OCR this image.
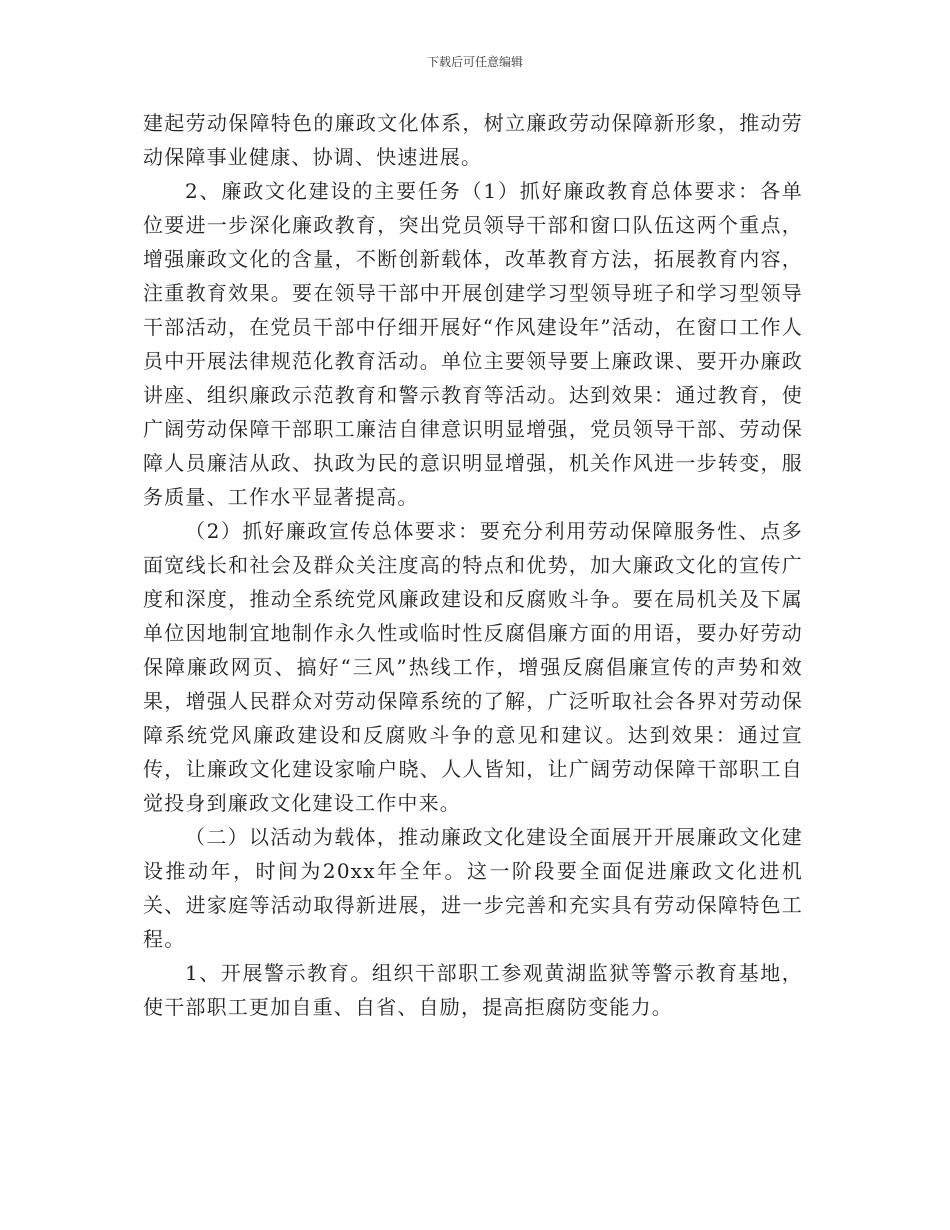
下载后可任意编辑

建起劳动保障特色的廉政文化体系，树立廉政劳动保障新形象，推动劳动保障事业健康、协调、快速进展。

2、廉政文化建设的主要任务（1）抓好廉政教育总体要求：各单位要进一步深化廉政教育，突出党员领导干部和窗口队伍这两个重点，增强廉政文化的含量，不断创新载体，改革教育方法，拓展教育内容，注重教育效果。要在领导干部中开展创建学习型领导班子和学习型领导干部活动，在党员干部中仔细开展好“作风建设年”活动，在窗口工作人员中开展法律规范化教育活动。单位主要领导要上廉政课、要开办廉政讲座、组织廉政示范教育和警示教育等活动。达到效果：通过教育，使广阔劳动保障干部职工廉洁自律意识明显增强，党员领导干部、劳动保障人员廉洁从政、执政为民的意识明显增强，机关作风进一步转变，服务质量、工作水平显著提高。

（2）抓好廉政宣传总体要求：要充分利用劳动保障服务性、点多面宽线长和社会及群众关注度高的特点和优势，加大廉政文化的宣传广度和深度，推动全系统党风廉政建设和反腐败斗争。要在局机关及下属单位因地制宜地制作永久性或临时性反腐倡廉方面的用语，要办好劳动保障廉政网页、搞好“三风”热线工作，增强反腐倡廉宣传的声势和效果，增强人民群众对劳动保障系统的了解，广泛听取社会各界对劳动保障系统党风廉政建设和反腐败斗争的意见和建议。达到效果：通过宣传，让廉政文化建设家喻户晓、人人皆知，让广阔劳动保障干部职工自觉投身到廉政文化建设工作中来。

（二）以活动为载体，推动廉政文化建设全面展开开展廉政文化建设推动年，时间为20xx年全年。这一阶段要全面促进廉政文化进机关、进家庭等活动取得新进展，进一步完善和充实具有劳动保障特色工程。

1、开展警示教育。组织干部职工参观黄湖监狱等警示教育基地，使干部职工更加自重、自省、自励，提高拒腐防变能力。
